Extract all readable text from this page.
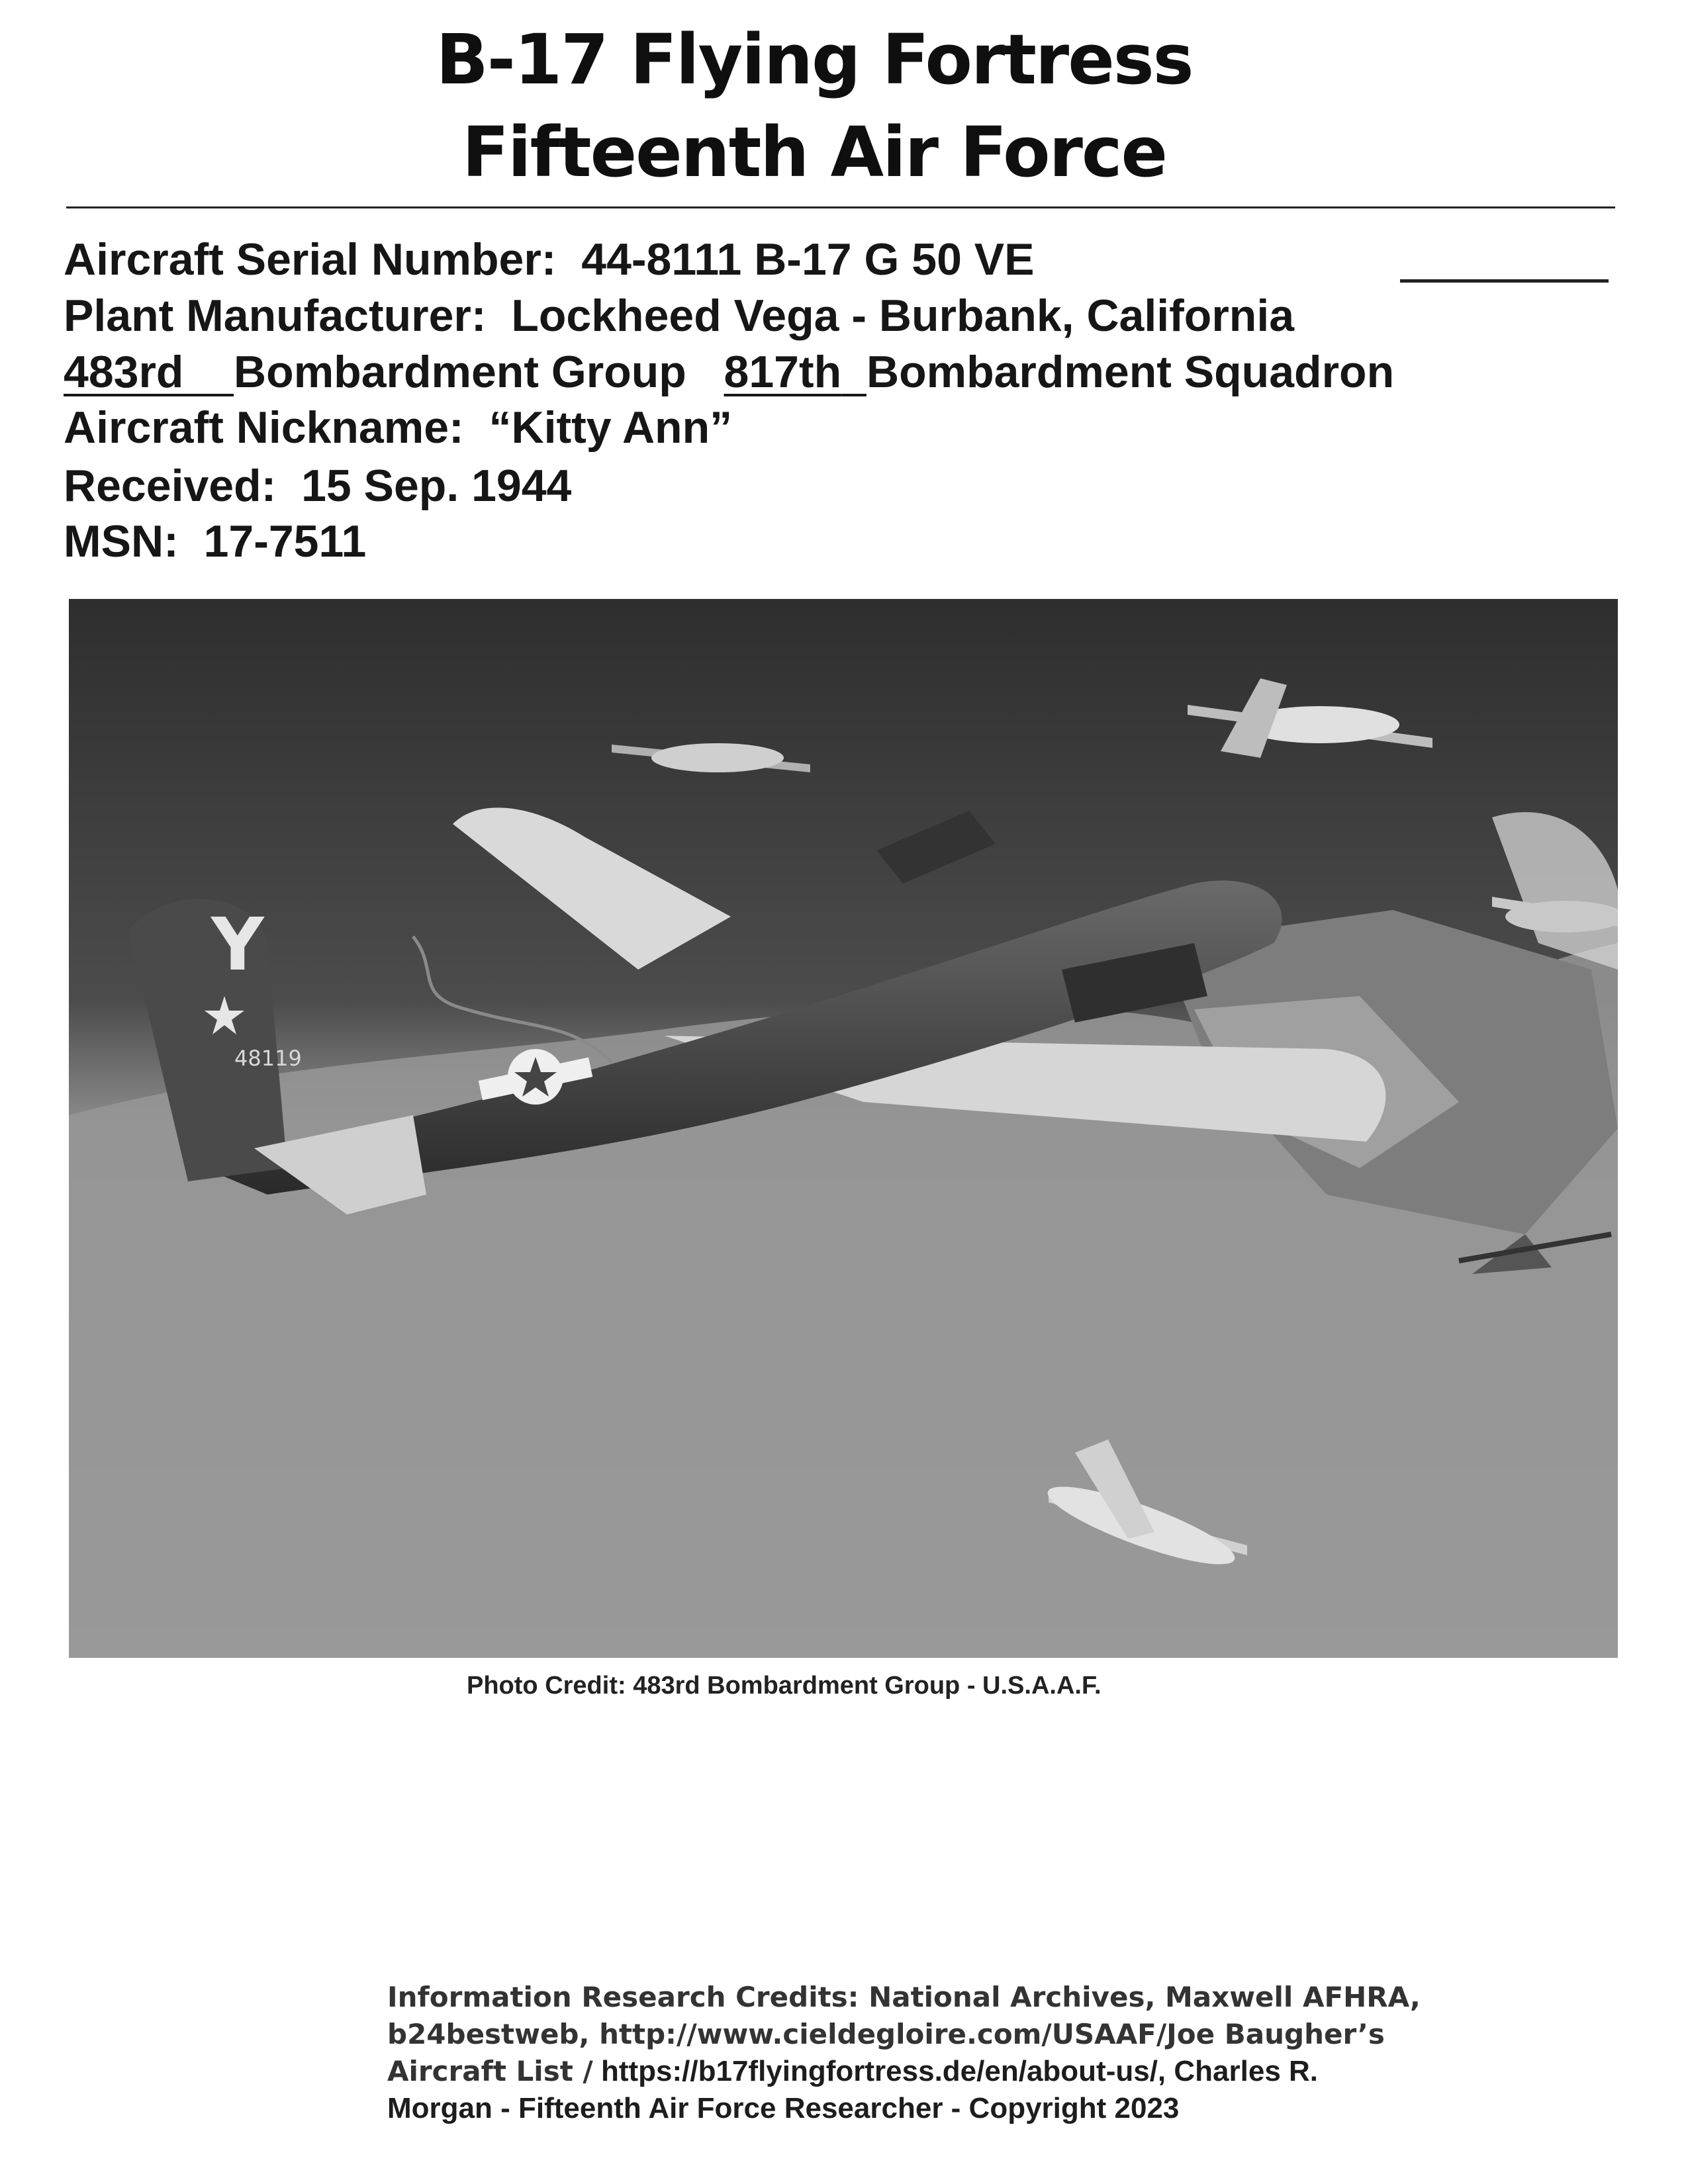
B-17 Flying Fortress
Fifteenth Air Force
Aircraft Serial Number: 44-8111 B-17 G 50 VE
Plant Manufacturer: Lockheed Vega - Burbank, California
483rd Bombardment Group 817th Bombardment Squadron
Aircraft Nickname: “Kitty Ann”
Received: 15 Sep. 1944
MSN: 17-7511
Y
48119
Photo Credit: 483rd Bombardment Group - U.S.A.A.F.
Information Research Credits: National Archives, Maxwell AFHRA,
b24bestweb, http://www.cieldegloire.com/USAAF/Joe Baugher’s
Aircraft List / https://b17flyingfortress.de/en/about-us/, Charles R.
Morgan - Fifteenth Air Force Researcher - Copyright 2023
